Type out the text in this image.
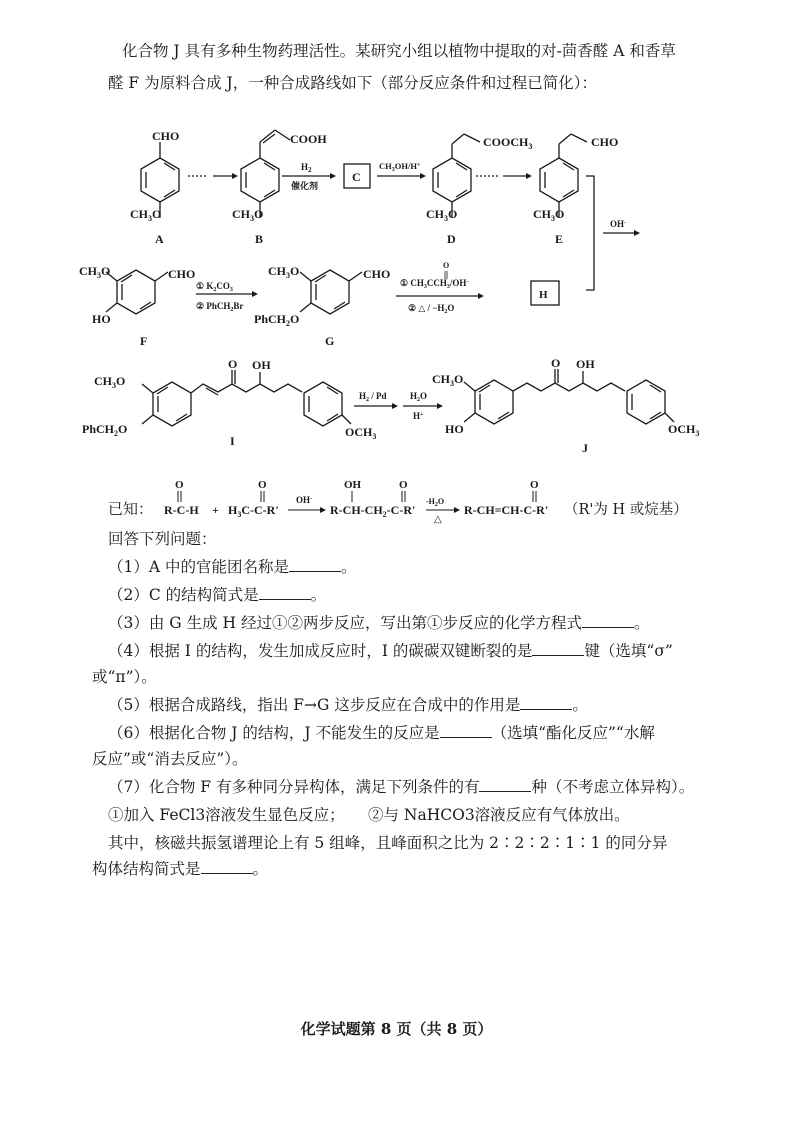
化合物 J 具有多种生物药理活性。某研究小组以植物中提取的对-茴香醛 A 和香草
醛 F 为原料合成 J，一种合成路线如下（部分反应条件和过程已简化）：
CHO
$CH_3O$
A
COOH
$CH_3O$
B
$H_2$
催化剂
C
$CH_3OH/H^+$
$COOCH_3$
$CH_3O$
D
CHO
$CH_3O$
E
OH-
$CH_3O$	CHO
HO
F
① $K_2CO_3$
② PhCH$_2$Br
$CH_3O$	CHO
PhCH$_2$O
G
① $CH_3CCH_3/OH^-$
O
② △ / $-H_2O$
H
O OH
$CH_3O$
PhCH$_2$O	$OCH_3$
I
$H_2$ / Pd	$H_2O$
H+
O OH
$CH_3O$
HO	$OCH_3$
J
已知： R-C-H
O
+ $H_3C-C-R'$
O
OH-
$R-CH-CH_2-C-R'$
OH	O
$-H_2O$
△
R-CH=CH-C-R'
O
（R'为 H 或烷基）
回答下列问题：
（1）A 中的官能团名称是	。
（2）C 的结构简式是	。
（3）由 G 生成 H 经过①②两步反应，写出第①步反应的化学方程式	。
（4）根据 I 的结构，发生加成反应时，I 的碳碳双键断裂的是	键（选填“σ”
或“π”）。
（5）根据合成路线，指出 F→G 这步反应在合成中的作用是	。
（6）根据化合物 J 的结构，J 不能发生的反应是	（选填“酯化反应”“水解
反应”或“消去反应”）。
（7）化合物 F 有多种同分异构体，满足下列条件的有	种（不考虑立体异构）。
①加入 FeCl3溶液发生显色反应； ②与 NaHCO3溶液反应有气体放出。
其中，核磁共振氢谱理论上有 5 组峰，且峰面积之比为 2∶2∶2∶1∶1 的同分异
构体结构简式是	。
化学试题第 8 页（共 8 页）
